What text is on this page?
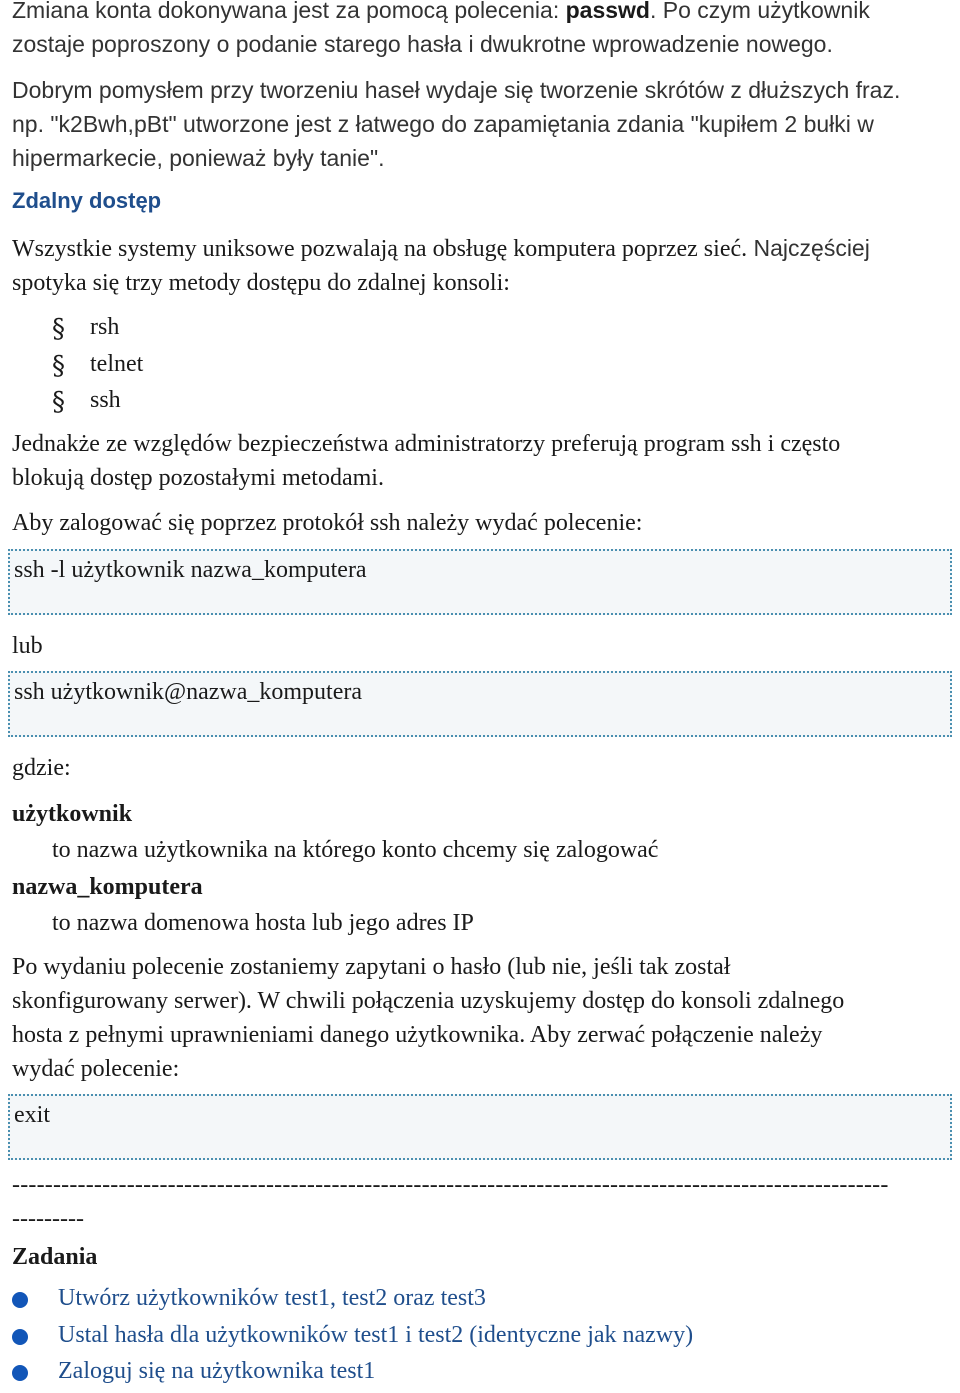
Zmiana konta dokonywana jest za pomocą polecenia: passwd. Po czym użytkownik

zostaje poproszony o podanie starego hasła i dwukrotne wprowadzenie nowego.

Dobrym pomysłem przy tworzeniu haseł wydaje się tworzenie skrótów z dłuższych fraz.

np. "k2Bwh,pBt" utworzone jest z łatwego do zapamiętania zdania "kupiłem 2 bułki w

hipermarkecie, ponieważ były tanie".

Zdalny dostęp

Wszystkie systemy uniksowe pozwalają na obsługę komputera poprzez sieć. Najczęściej

spotyka się trzy metody dostępu do zdalnej konsoli:

§ rsh
§ telnet
§ ssh

Jednakże ze względów bezpieczeństwa administratorzy preferują program ssh i często

blokują dostęp pozostałymi metodami.

Aby zalogować się poprzez protokół ssh należy wydać polecenie:
ssh -l użytkownik nazwa_komputera
lub
ssh użytkownik@nazwa_komputera
gdzie:
użytkownik
to nazwa użytkownika na którego konto chcemy się zalogować
nazwa_komputera
to nazwa domenowa hosta lub jego adres IP

Po wydaniu polecenie zostaniemy zapytani o hasło (lub nie, jeśli tak został

skonfigurowany serwer). W chwili połączenia uzyskujemy dostęp do konsoli zdalnego

hosta z pełnymi uprawnieniami danego użytkownika. Aby zerwać połączenie należy

wydać polecenie:

exit
-----------------------------------------------------------------------------------------------------------
---------
Zadania
Utwórz użytkowników test1, test2 oraz test3
Ustal hasła dla użytkowników test1 i test2 (identyczne jak nazwy)
Zaloguj się na użytkownika test1
